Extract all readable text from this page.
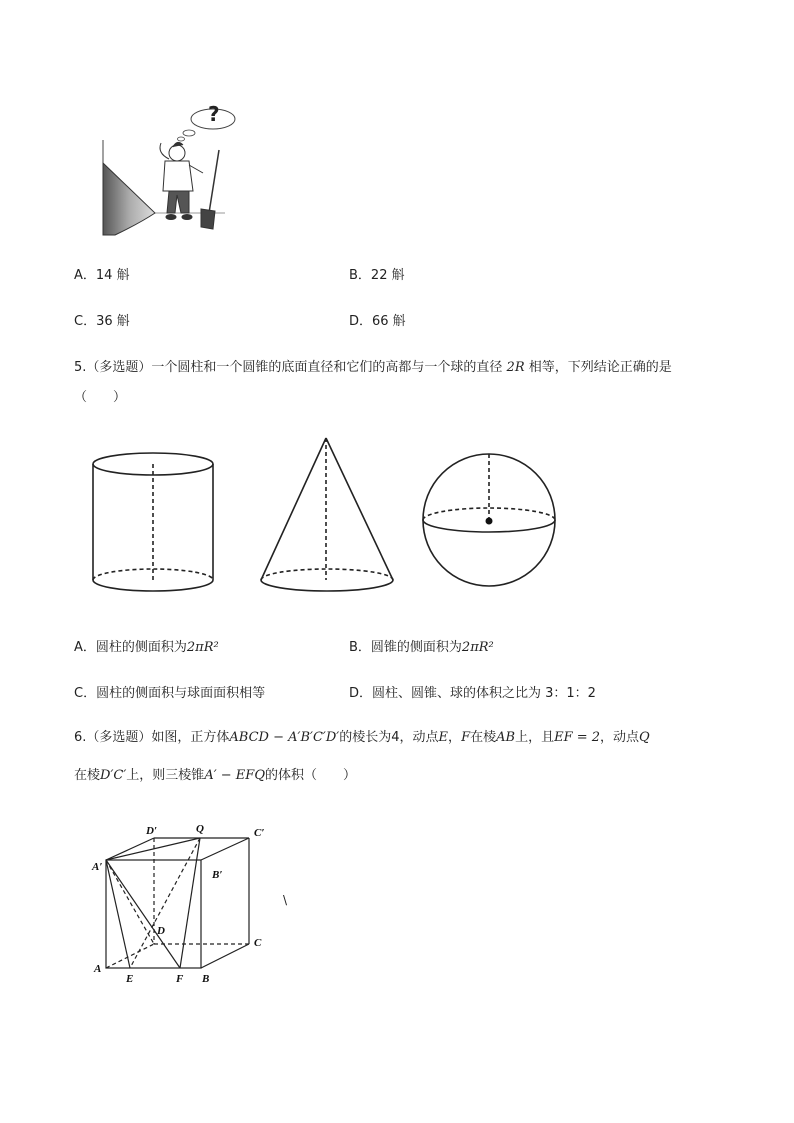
?
A．14 斛	B．22 斛
C．36 斛	D．66 斛
5.（多选题）一个圆柱和一个圆锥的底面直径和它们的高都与一个球的直径 2R 相等，下列结论正确的是
（　　）
A．圆柱的侧面积为2πR²	B．圆锥的侧面积为2πR²
C．圆柱的侧面积与球面面积相等	D．圆柱、圆锥、球的体积之比为 3：1：2
6.（多选题）如图，正方体ABCD − A′B′C′D′的棱长为4，动点E，F在棱AB上，且EF = 2，动点Q
在棱D′C′上，则三棱锥A′ − EFQ的体积（　　）
D′	Q	C′
A′
B′
D
C
A
E	F B
\
